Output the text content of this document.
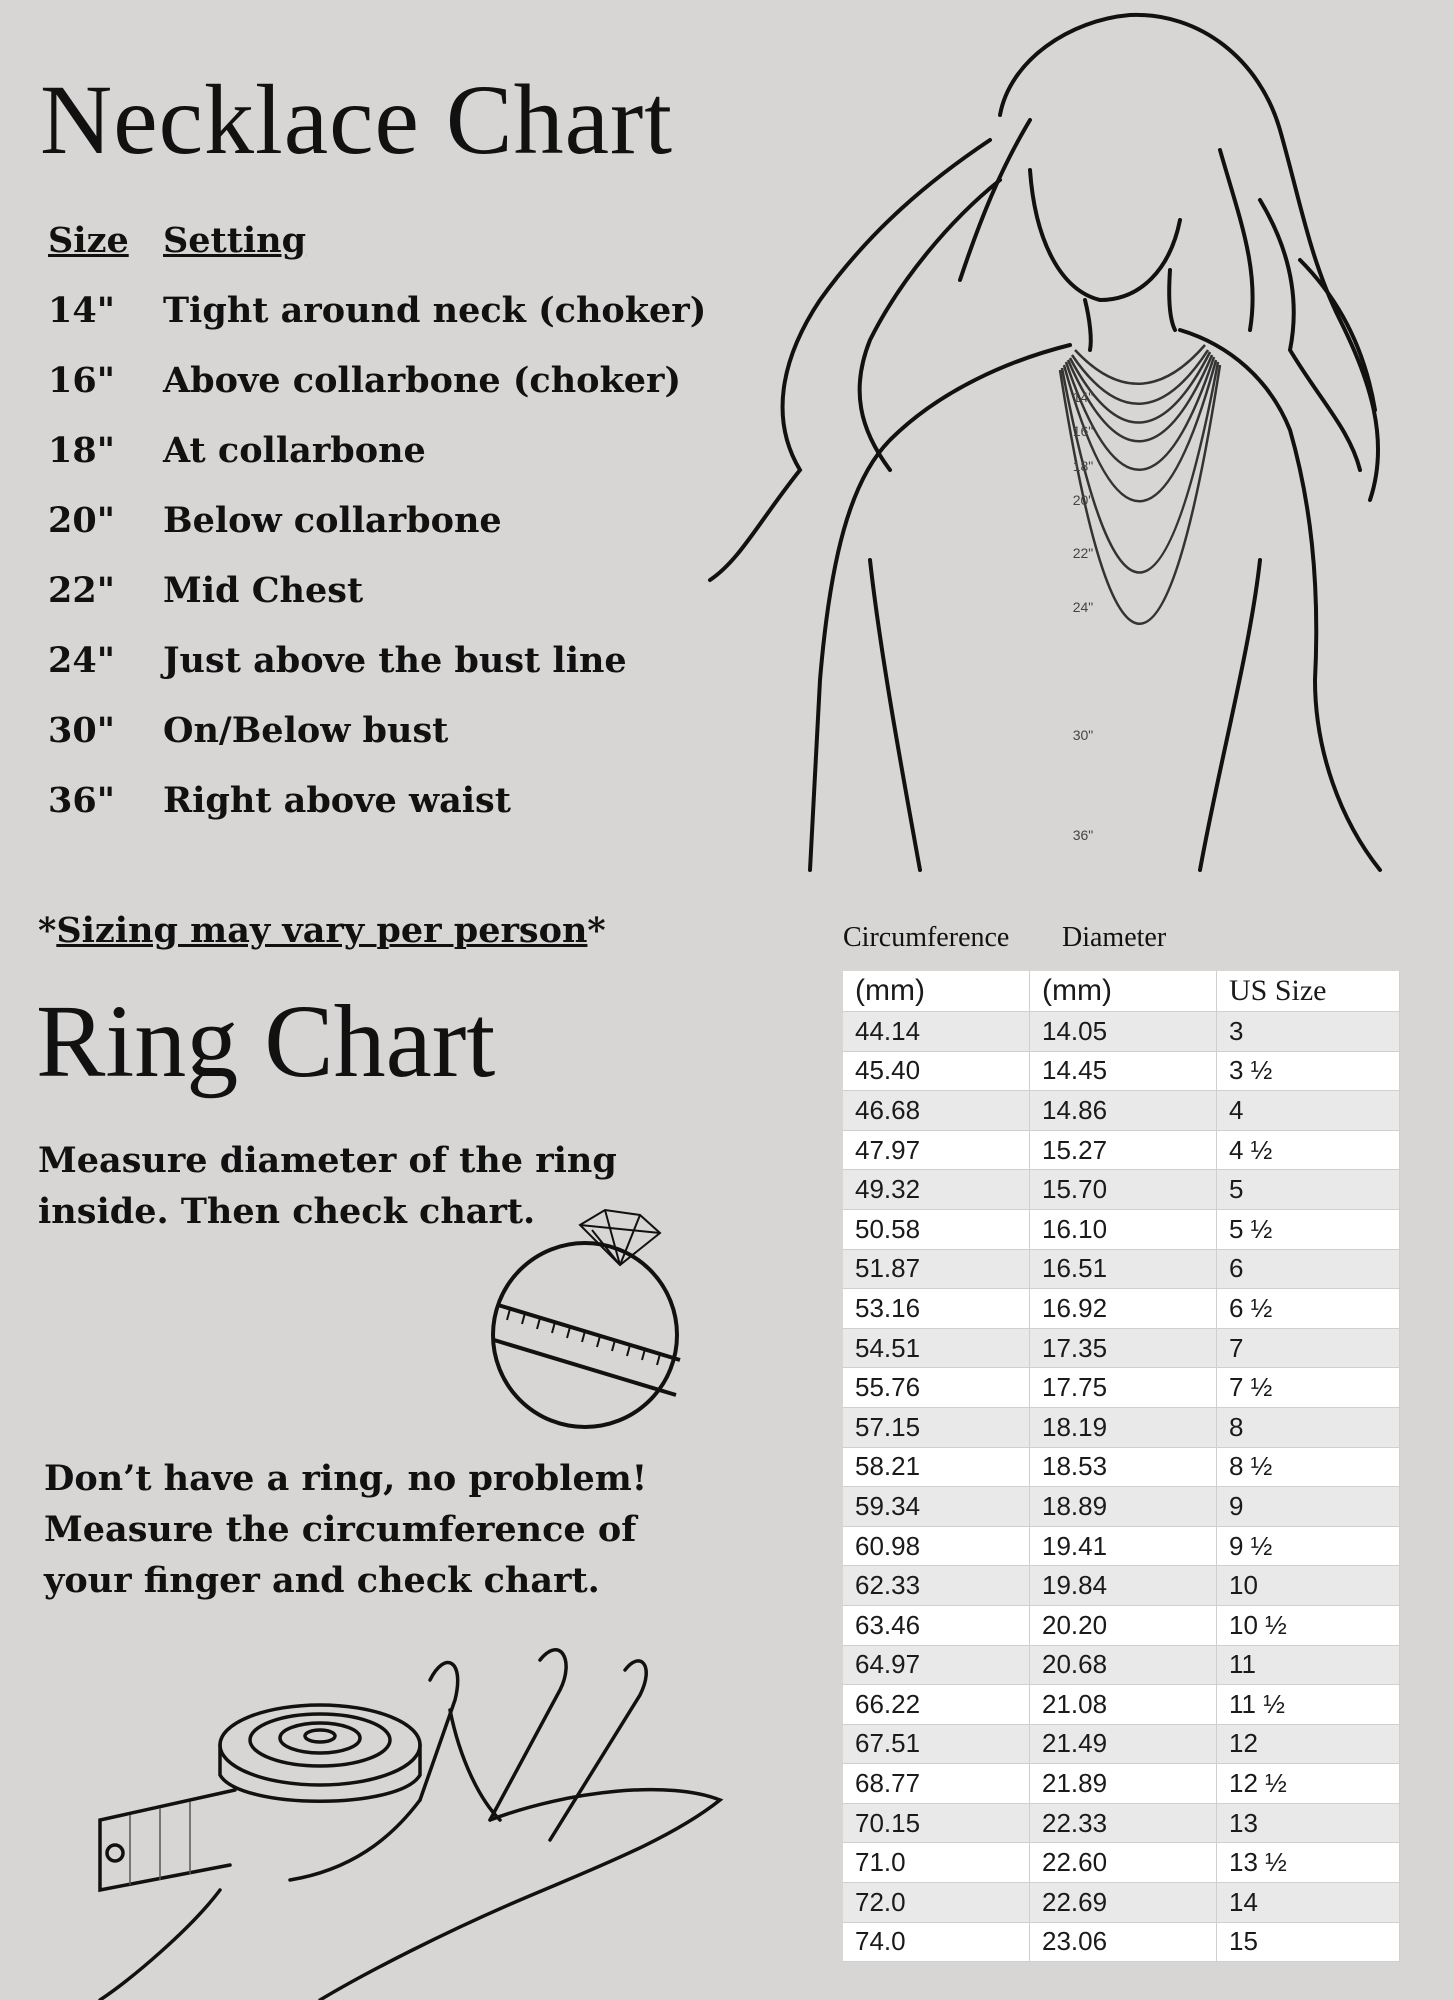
Necklace Chart
Size Setting
14"	Tight around neck (choker)
16"	Above collarbone (choker)
18"	At collarbone
20"	Below collarbone
22"	Mid Chest
24"	Just above the bust line
30"	On/Below bust
36"	Right above waist
14"
16"
18"
20"
22"
24"
30"
36"
*Sizing may vary per person*
Ring Chart
Measure diameter of the ring
inside. Then check chart.
Don’t have a ring, no problem!
Measure the circumference of
your finger and check chart.
Circumference Diameter
(mm)	(mm)	US Size
44.14	14.05	3
45.40	14.45	3 ½
46.68	14.86	4
47.97	15.27	4 ½
49.32	15.70	5
50.58	16.10	5 ½
51.87	16.51	6
53.16	16.92	6 ½
54.51	17.35	7
55.76	17.75	7 ½
57.15	18.19	8
58.21	18.53	8 ½
59.34	18.89	9
60.98	19.41	9 ½
62.33	19.84	10
63.46	20.20	10 ½
64.97	20.68	11
66.22	21.08	11 ½
67.51	21.49	12
68.77	21.89	12 ½
70.15	22.33	13
71.0	22.60	13 ½
72.0	22.69	14
74.0	23.06	15
